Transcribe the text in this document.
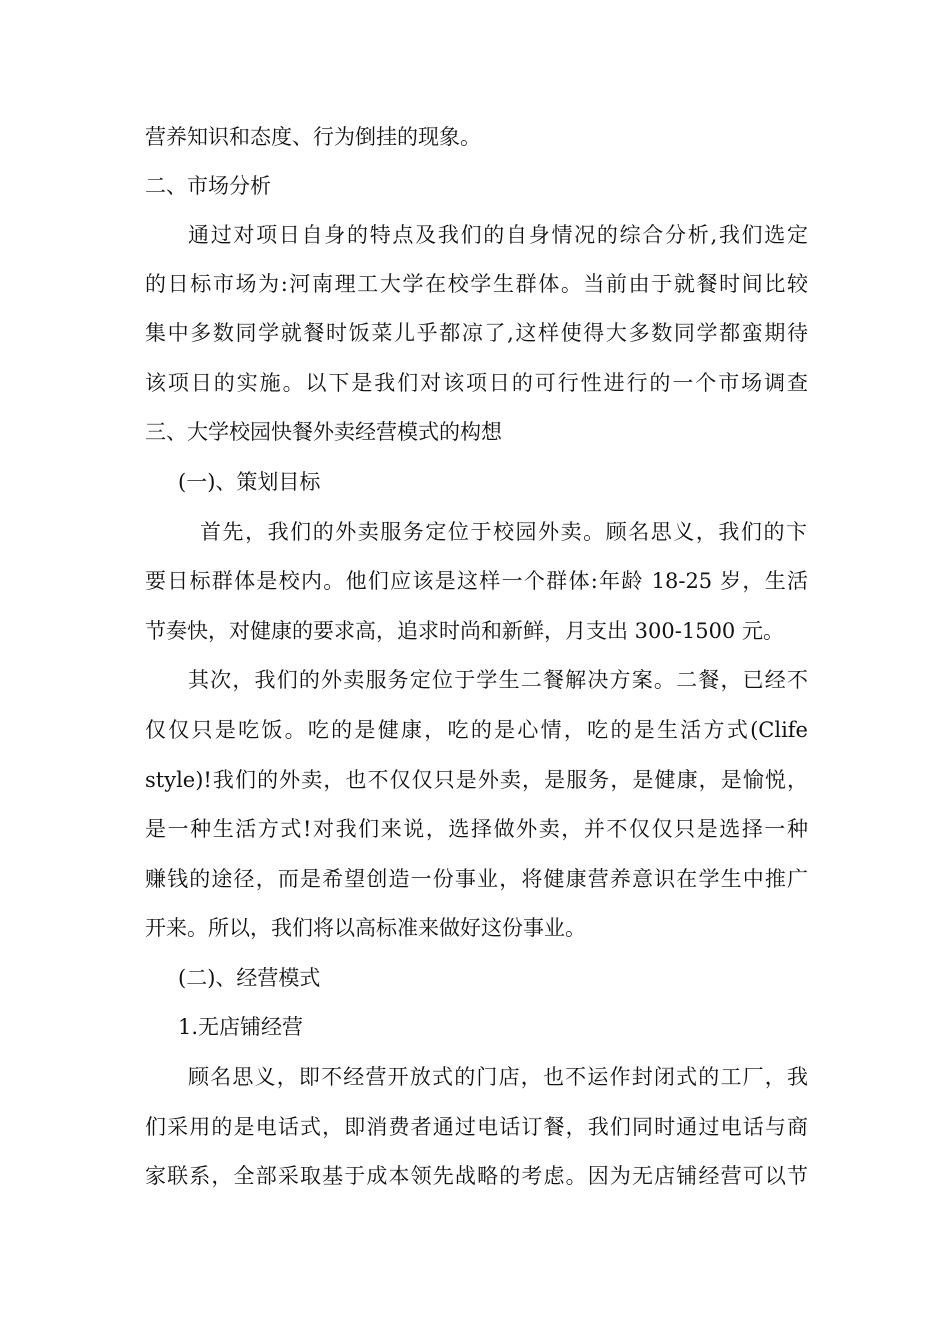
营养知识和态度、行为倒挂的现象。
二、市场分析
通过对项日自身的特点及我们的自身情况的综合分析,我们选定
的日标市场为:河南理工大学在校学生群体。当前由于就餐时间比较
集中多数同学就餐时饭菜儿乎都凉了,这样使得大多数同学都蛮期待
该项日的实施。以下是我们对该项日的可行性进行的一个市场调查
三、大学校园快餐外卖经营模式的构想
(一)、策划目标
首先，我们的外卖服务定位于校园外卖。顾名思义，我们的卞
要日标群体是校内。他们应该是这样一个群体:年龄 18-25 岁，生活
节奏快，对健康的要求高，追求时尚和新鲜，月支出 300-1500 元。
其次，我们的外卖服务定位于学生二餐解决方案。二餐，已经不
仅仅只是吃饭。吃的是健康，吃的是心情，吃的是生活方式(Clife
style)!我们的外卖，也不仅仅只是外卖，是服务，是健康，是愉悦，
是一种生活方式!对我们来说，选择做外卖，并不仅仅只是选择一种
赚钱的途径，而是希望创造一份事业，将健康营养意识在学生中推广
开来。所以，我们将以高标准来做好这份事业。
(二)、经营模式
1.无店铺经营
顾名思义，即不经营开放式的门店，也不运作封闭式的工厂，我
们采用的是电话式，即消费者通过电话订餐，我们同时通过电话与商
家联系，全部采取基于成本领先战略的考虑。因为无店铺经营可以节
